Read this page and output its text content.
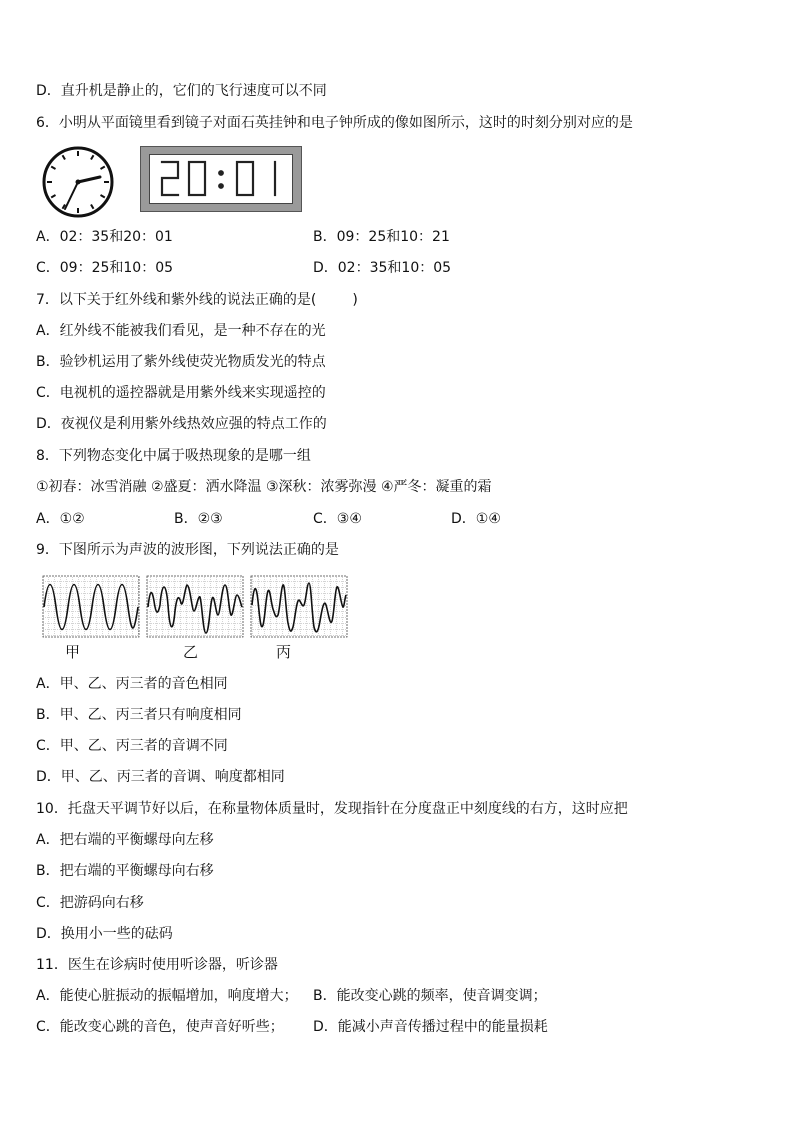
D．直升机是静止的，它们的飞行速度可以不同
6．小明从平面镜里看到镜子对面石英挂钟和电子钟所成的像如图所示，这时的时刻分别对应的是
A．02：35和20：01	B．09：25和10：21
C．09：25和10：05	D．02：35和10：05
7．以下关于红外线和紫外线的说法正确的是(	)
A．红外线不能被我们看见，是一种不存在的光
B．验钞机运用了紫外线使荧光物质发光的特点
C．电视机的遥控器就是用紫外线来实现遥控的
D．夜视仪是利用紫外线热效应强的特点工作的
8．下列物态变化中属于吸热现象的是哪一组
①初春：冰雪消融 ②盛夏：洒水降温 ③深秋：浓雾弥漫 ④严冬：凝重的霜
A．①②	B．②③	C．③④	D．①④
9．下图所示为声波的波形图，下列说法正确的是
甲	乙	丙
A．甲、乙、丙三者的音色相同
B．甲、乙、丙三者只有响度相同
C．甲、乙、丙三者的音调不同
D．甲、乙、丙三者的音调、响度都相同
10．托盘天平调节好以后，在称量物体质量时，发现指针在分度盘正中刻度线的右方，这时应把
A．把右端的平衡螺母向左移
B．把右端的平衡螺母向右移
C．把游码向右移
D．换用小一些的砝码
11．医生在诊病时使用听诊器，听诊器
A．能使心脏振动的振幅增加，响度增大； B．能改变心跳的频率，使音调变调；
C．能改变心跳的音色，使声音好听些； D．能减小声音传播过程中的能量损耗
